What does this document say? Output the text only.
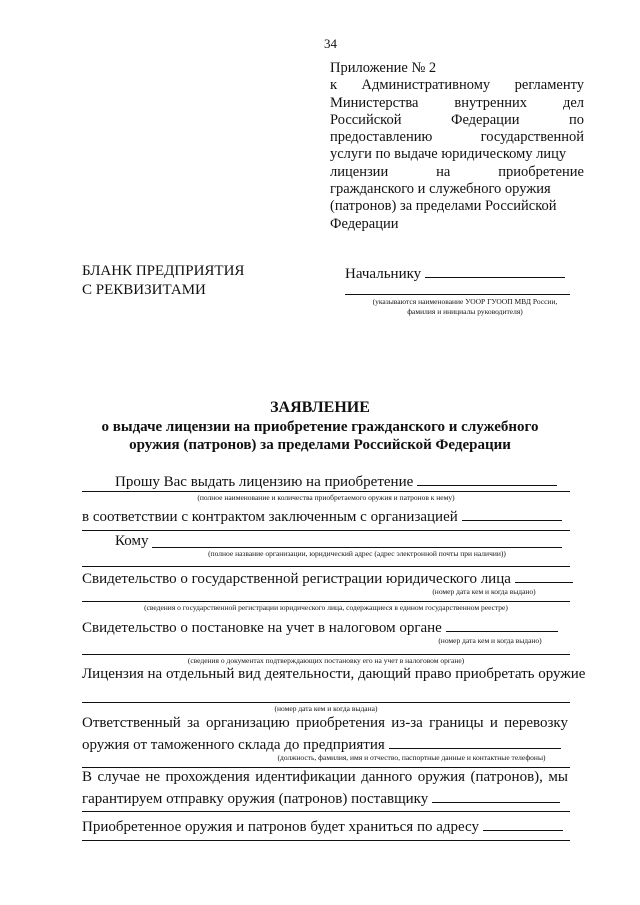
34
Приложение № 2
к Административному регламенту
Министерства внутренних дел
Российской	Федерации	по
предоставлению	государственной
услуги по выдаче юридическому лицу
лицензии	на	приобретение
гражданского и служебного оружия
(патронов) за пределами Российской
Федерации
БЛАНК ПРЕДПРИЯТИЯ
С РЕКВИЗИТАМИ
Начальнику
(указываются наименование УООР ГУООП МВД России,
фамилия и инициалы руководителя)
ЗАЯВЛЕНИЕ
о выдаче лицензии на приобретение гражданского и служебного
оружия (патронов) за пределами Российской Федерации
Прошу Вас выдать лицензию на приобретение
(полное наименование и количества приобретаемого оружия и патронов к нему)
в соответствии с контрактом заключенным с организацией
Кому
(полное название организации, юридический адрес (адрес электронной почты при наличии))
Свидетельство о государственной регистрации юридического лица
(номер дата кем и когда выдано)
(сведения о государственной регистрации юридического лица, содержащиеся в едином государственном реестре)
Свидетельство о постановке на учет в налоговом органе
(номер дата кем и когда выдано)
(сведения о документах подтверждающих постановку его на учет в налоговом органе)
Лицензия на отдельный вид деятельности, дающий право приобретать оружие
(номер дата кем и когда выдана)
Ответственный за организацию приобретения из-за границы и перевозку
оружия от таможенного склада до предприятия
(должность, фамилия, имя и отчество, паспортные данные и контактные телефоны)
В случае не прохождения идентификации данного оружия (патронов), мы
гарантируем отправку оружия (патронов) поставщику
Приобретенное оружия и патронов будет храниться по адресу
